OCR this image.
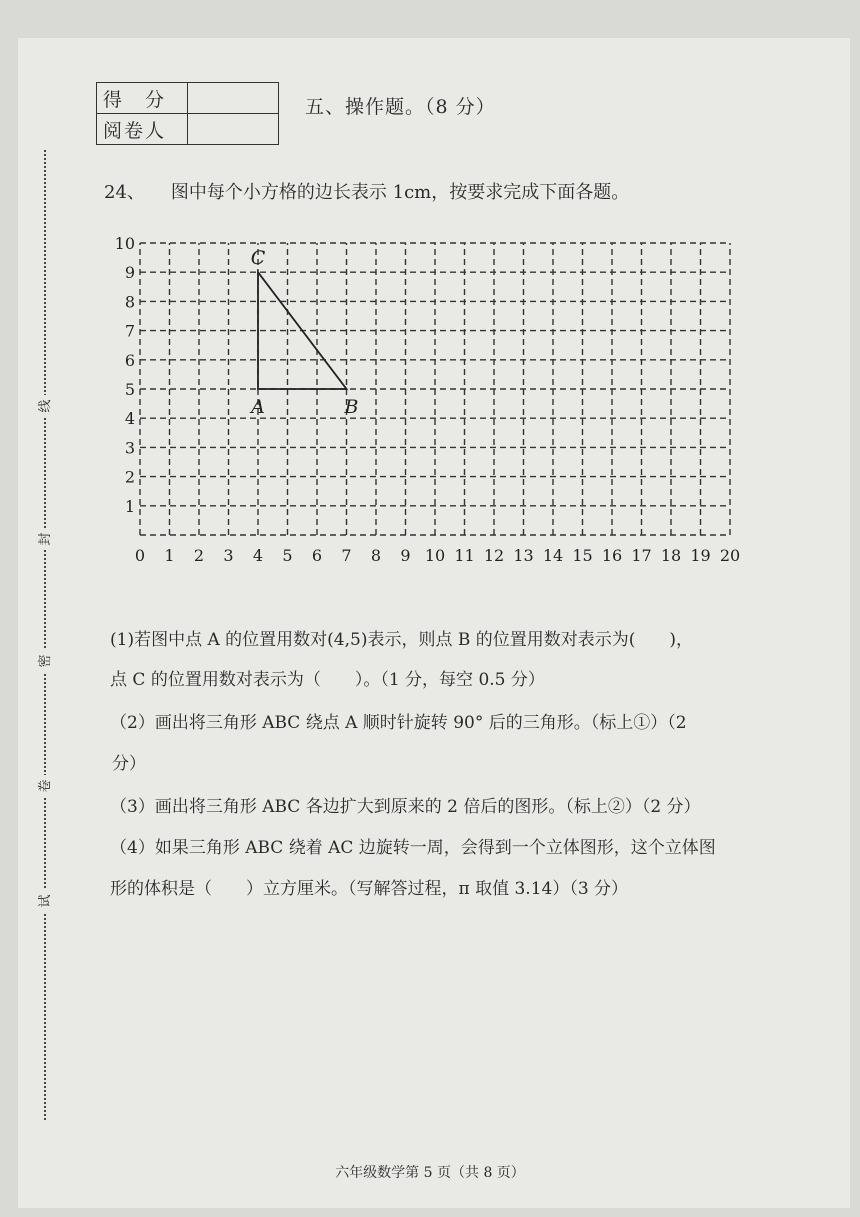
线
封
密
卷
试
得　分	
阅卷人	
五、操作题。（8 分）
24、 图中每个小方格的边长表示 1cm，按要求完成下面各题。
0 1 2 3 4 5 6 7 8 9 10 11 12 13 14 15 16 17 18 19 20
1
2
3
4
5
6
7
8
9
10
A	B
C
(1)若图中点 A 的位置用数对(4,5)表示，则点 B 的位置用数对表示为(　　)，
点 C 的位置用数对表示为（　　）。（1 分，每空 0.5 分）
（2）画出将三角形 ABC 绕点 A 顺时针旋转 90° 后的三角形。（标上①）（2
分）
（3）画出将三角形 ABC 各边扩大到原来的 2 倍后的图形。（标上②）（2 分）
（4）如果三角形 ABC 绕着 AC 边旋转一周，会得到一个立体图形，这个立体图
形的体积是（　　）立方厘米。（写解答过程，π 取值 3.14）（3 分）
六年级数学第 5 页（共 8 页）
